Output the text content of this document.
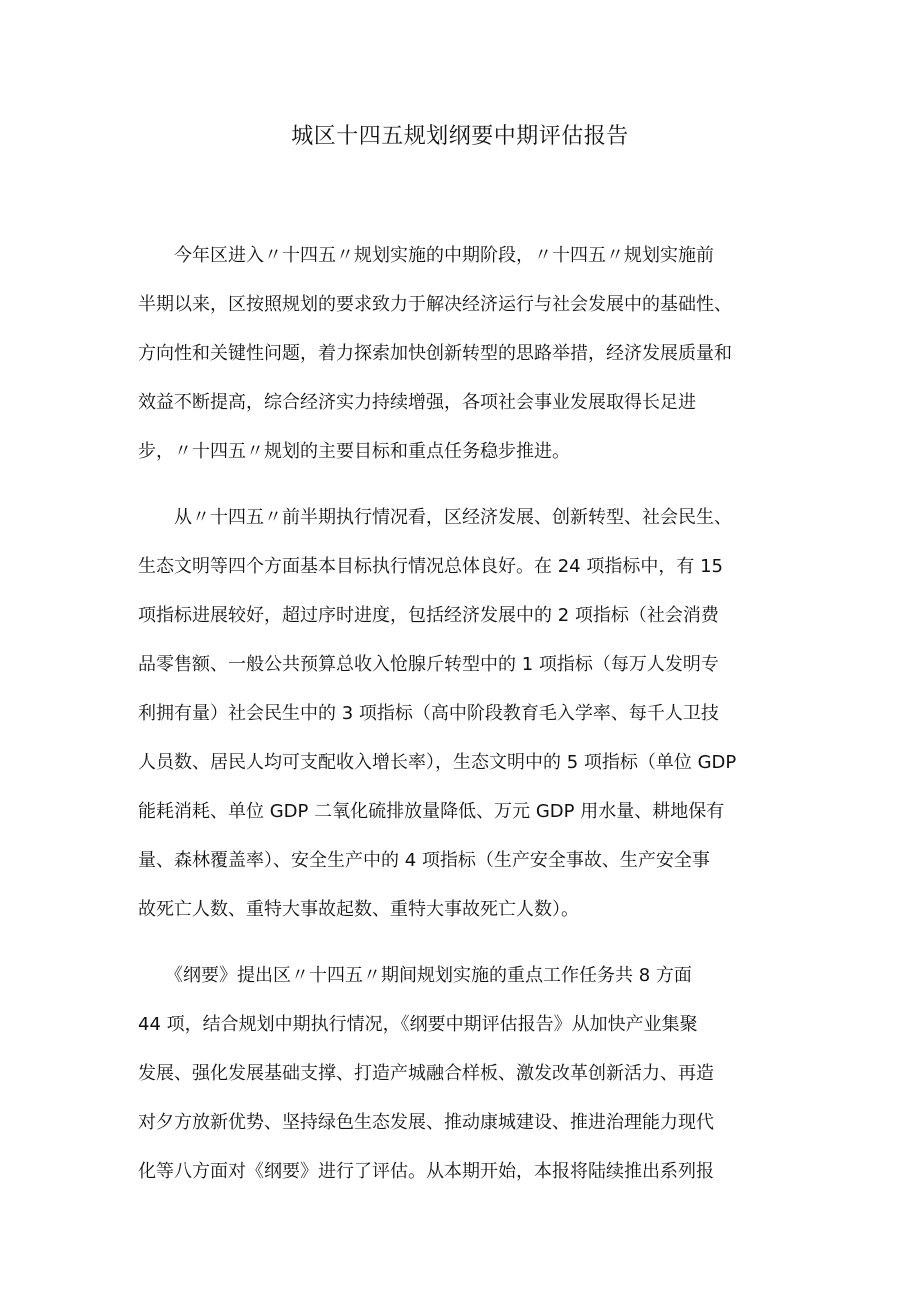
城区十四五规划纲要中期评估报告
　　今年区进入〃十四五〃规划实施的中期阶段，〃十四五〃规划实施前
半期以来，区按照规划的要求致力于解决经济运行与社会发展中的基础性、
方向性和关键性问题，着力探索加快创新转型的思路举措，经济发展质量和
效益不断提高，综合经济实力持续增强，各项社会事业发展取得长足进
步，〃十四五〃规划的主要目标和重点任务稳步推进。
　　从〃十四五〃前半期执行情况看，区经济发展、创新转型、社会民生、
生态文明等四个方面基本目标执行情况总体良好。在 24 项指标中，有 15
项指标进展较好，超过序时进度，包括经济发展中的 2 项指标（社会消费
品零售额、一般公共预算总收入怆腺斤转型中的 1 项指标（每万人发明专
利拥有量）社会民生中的 3 项指标（高中阶段教育毛入学率、每千人卫技
人员数、居民人均可支配收入增长率），生态文明中的 5 项指标（单位 GDP
能耗消耗、单位 GDP 二氧化硫排放量降低、万元 GDP 用水量、耕地保有
量、森林覆盖率）、安全生产中的 4 项指标（生产安全事故、生产安全事
故死亡人数、重特大事故起数、重特大事故死亡人数）。
　　《纲要》提出区〃十四五〃期间规划实施的重点工作任务共 8 方面
44 项，结合规划中期执行情况，《纲要中期评估报告》从加快产业集聚
发展、强化发展基础支撑、打造产城融合样板、激发改革创新活力、再造
对夕方放新优势、坚持绿色生态发展、推动康城建设、推进治理能力现代
化等八方面对《纲要》进行了评估。从本期开始，本报将陆续推出系列报
